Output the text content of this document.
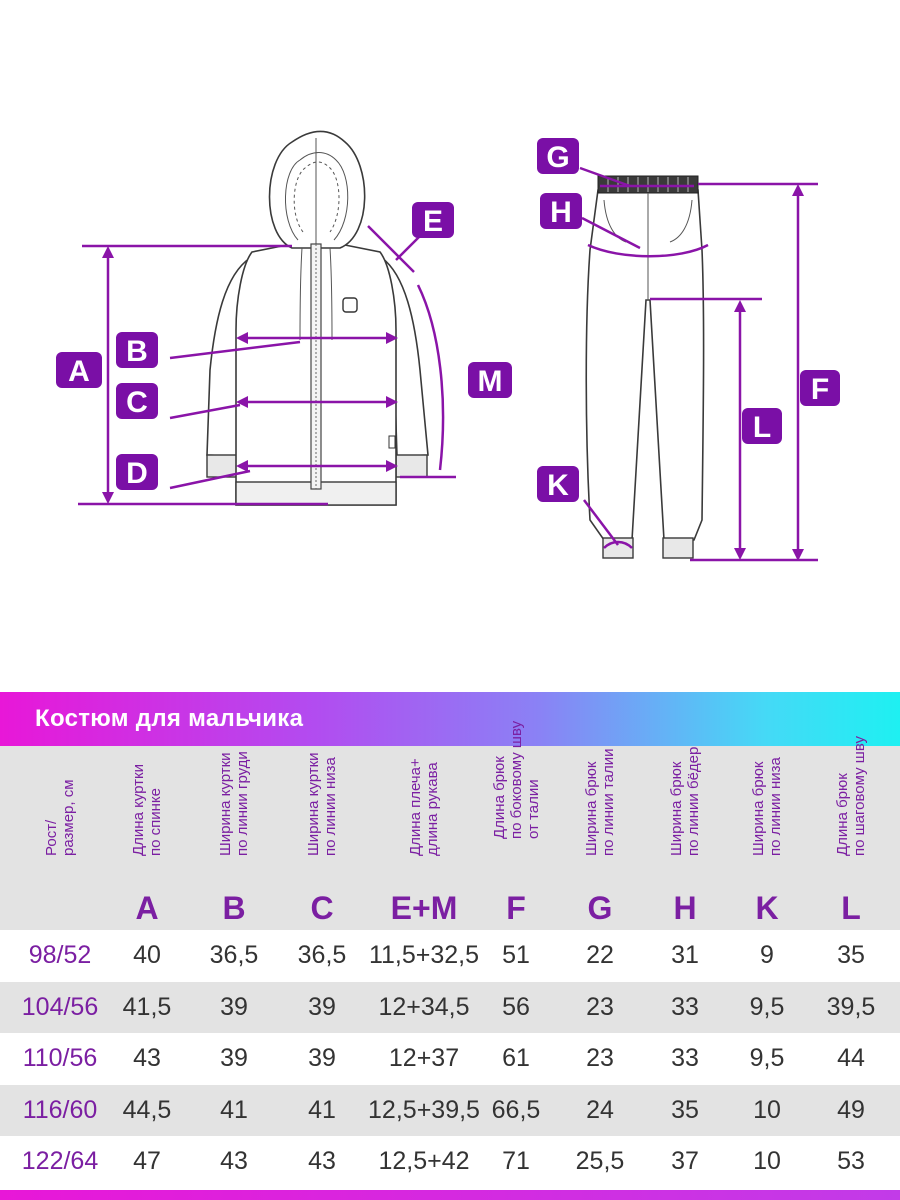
A
B
C
D
E
M
G
H
K
L
F
Костюм для мальчика
Рост/
размер, см
Длина куртки
по спинке
A
Ширина куртки
по линии груди
B
Ширина куртки
по линии низа
C
Длина плеча+
длина рукава
E+M
Длина брюк
по боковому шву
от талии
F
Ширина брюк
по линии талии
G
Ширина брюк
по линии бёдер
H
Ширина брюк
по линии низа
K
Длина брюк
по шаговому шву
L
98/52	40	36,5	36,5 11,5+32,5 51	22	31	9	35
104/56 41,5	39	39	12+34,5	56	23	33	9,5	39,5
110/56	43	39	39	12+37	61	23	33	9,5	44
116/60	44,5	41	41	12,5+39,5 66,5	24	35	10	49
122/64	47	43	43	12,5+42	71	25,5	37	10	53
